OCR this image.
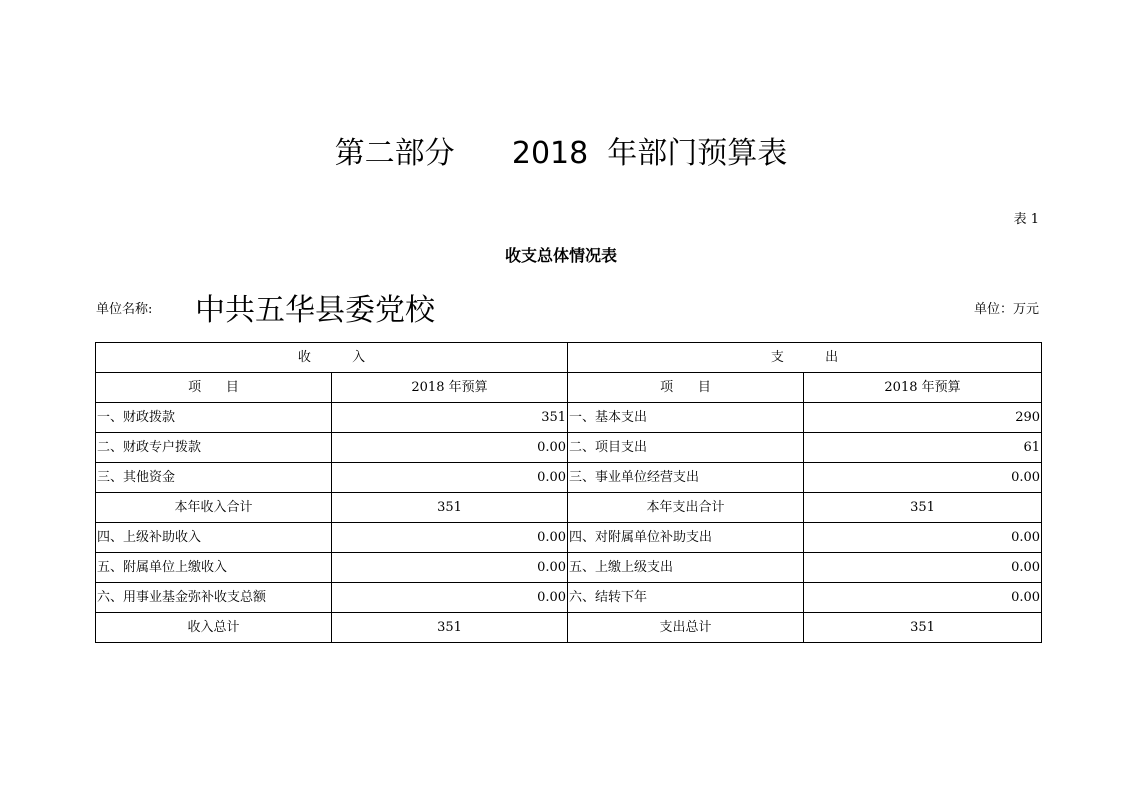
第二部分      2018  年部门预算表
表 1
收支总体情况表
单位名称: 中共五华县委党校	单位：万元
收          入		支          出	
项      目	2018 年预算	项      目	2018 年预算
一、财政拨款	351	一、基本支出	290
二、财政专户拨款	0.00	二、项目支出	61
三、其他资金	0.00	三、事业单位经营支出	0.00
本年收入合计	351	本年支出合计	351
四、上级补助收入	0.00	四、对附属单位补助支出	0.00
五、附属单位上缴收入	0.00	五、上缴上级支出	0.00
六、用事业基金弥补收支总额	0.00	六、结转下年	0.00
收入总计	351	支出总计	351
